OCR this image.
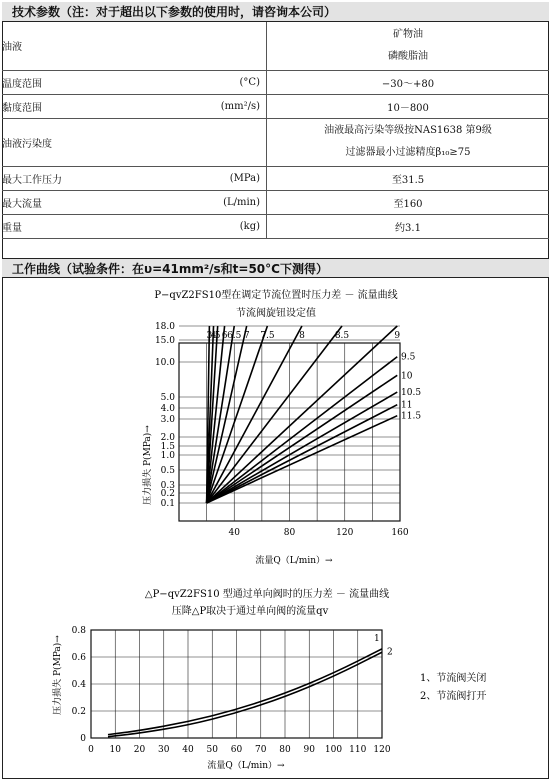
技术参数（注：对于超出以下参数的使用时，请咨询本公司）
油液		矿物油
磷酸脂油

温度范围	(°C)	−30～+80
黏度范围	(mm²/s)	10－800
油液污染度		油液最高污染等级按NAS1638 第9级
过滤器最小过滤精度β₁₀≥75

最大工作压力	(MPa)	至31.5
最大流量	(L/min)	至160
重量	(kg)	约3.1

工作曲线（试验条件：在υ=41mm²/s和t=50°C下测得）
P−qvZ2FS10型在调定节流位置时压力差 － 流量曲线
节流阀旋钮设定值
流量Q（L/min）→
压力损失 P(MPa)→ 0.1
0.2
0.3
0.5
1.0
1.5
2.0
3.0
4.0
5.0
10.0
15.0
18.0
40	80	120	160
3
4
5 6 6.5 7 7.5	8	8.5	9
9.5
10
10.5
11
11.5
△P−qvZ2FS10 型通过单向阀时的压力差 － 流量曲线
压降△P取决于通过单向阀的流量qv
流量Q（L/min）→
压力损失 P(MPa)→	1、节流阀关闭
2、节流阀打开
0 10 20 30 40 50 60 70 80 90 100 110 120
0
0.2
0.4
0.6
0.8
1
2
